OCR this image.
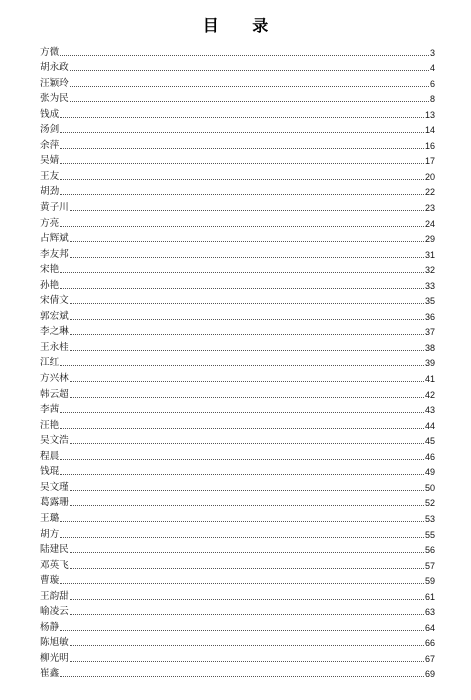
目 录
方微	3
胡永政	4
汪颖玲	6
张为民	8
钱成	13
汤剑	14
余萍	16
吴婧	17
王友	20
胡劲	22
黄子川	23
方亮	24
占辉斌	29
李友邦	31
宋艳	32
孙艳	33
宋倩文	35
郭宏斌	36
李之琳	37
王永桂	38
江红	39
方兴林	41
韩云超	42
李茜	43
汪艳	44
吴文浩	45
程晨	46
钱琨	49
吴文瑾	50
葛露珊	52
王璐	53
胡方	55
陆建民	56
邓英飞	57
曹璇	59
王韵甜	61
喻凌云	63
杨静	64
陈旭敏	66
柳光明	67
崔鑫	69
